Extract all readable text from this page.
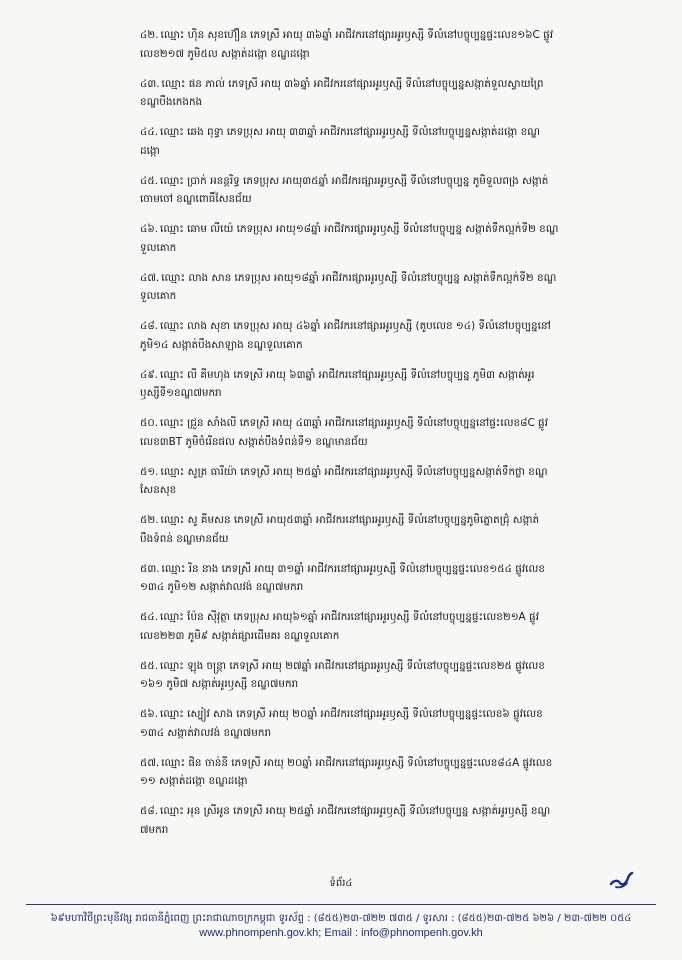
៤២. ឈ្មោះ ហ៊ិន សុខហ៊ឿន ភេទស្រី អាយុ ៣៦ឆ្នាំ អាជីវករនៅផ្សារអូរឫស្សី ទីលំនៅបច្ចុប្បន្នផ្ទះលេខ១៦C ផ្លូវ
លេខ២១៧ ភូមិ៥ល សង្កាត់ដង្កោ ខណ្ឌដង្កោ
៤៣. ឈ្មោះ ផន ភាល់ ភេទស្រី អាយុ ៣៦ឆ្នាំ អាជីវករនៅផ្សារអូរឫស្សី ទីលំនៅបច្ចុប្បន្នសង្កាត់ទួលស្វាយព្រៃ
ខណ្ឌបឹងកេងកង
៤៤. ឈ្មោះ ឆេង ពុទ្ធា ភេទប្រុស អាយុ ៣៣ឆ្នាំ អាជីវករនៅផ្សារអូរឫស្សី ទីលំនៅបច្ចុប្បន្នសង្កាត់ដង្កោ ខណ្ឌ
ដង្កោ
៤៥. ឈ្មោះ ប្រាក់ អនន្តរិទ្ធ ភេទប្រុស អាយុ៣៥ឆ្នាំ អាជីវករផ្សារអូរឫស្សី ទីលំនៅបច្ចុប្បន្ន ភូមិទួលពង្រ សង្កាត់
ចោមចៅ ខណ្ឌពោធិ៍សែនជ័យ
៤៦. ឈ្មោះ ឆោម លីយ៉េ ភេទប្រុស អាយុ១៨ឆ្នាំ អាជីវករផ្សារអូរឫស្សី ទីលំនៅបច្ចុប្បន្ន សង្កាត់ទឹកល្អក់ទី២ ខណ្ឌ
ទួលគោក
៤៧. ឈ្មោះ លាង សាន ភេទប្រុស អាយុ១៨ឆ្នាំ អាជីវករផ្សារអូរឫស្សី ទីលំនៅបច្ចុប្បន្ន សង្កាត់ទឹកល្អក់ទី២ ខណ្ឌ
ទួលគោក
៤៨. ឈ្មោះ លាង សុខា ភេទប្រុស អាយុ ៤៦ឆ្នាំ អាជីវករនៅផ្សារអូរឫស្សី (តូបលេខ ១៤) ទីលំនៅបច្ចុប្បន្ននៅ
ភូមិ១៤ សង្កាត់បឹងសាឡាង ខណ្ឌទួលគោក
៤៩. ឈ្មោះ លី គីមហុង ភេទស្រី អាយុ ៦៣ឆ្នាំ អាជីវករនៅផ្សារអូរឫស្សី ទីលំនៅបច្ចុប្បន្ន ភូមិ៣ សង្កាត់អូរ
ឫស្សីទី១ខណ្ឌ៧មករា
៥០. ឈ្មោះ ជ្រួន សាំងលី ភេទស្រី អាយុ ៤៣ឆ្នាំ អាជីវករនៅផ្សារអូរឫស្សី ទីលំនៅបច្ចុប្បន្ននៅផ្ទះលេខ៨C ផ្លូវ
លេខ៣BT ភូមិចំរើនផល សង្កាត់បឹងទំពន់ទី១ ខណ្ឌមានជ័យ
៥១. ឈ្មោះ សូត្រ ធារីយ៉ា ភេទស្រី អាយុ ២៥ឆ្នាំ អាជីវករនៅផ្សារអូរឫស្សី ទីលំនៅបច្ចុប្បន្នសង្កាត់ទឹកថ្លា ខណ្ឌ
សែនសុខ
៥២. ឈ្មោះ សូ គីមសន ភេទស្រី អាយុ៥៣ឆ្នាំ អាជីវករនៅផ្សារអូរឫស្សី ទីលំនៅបច្ចុប្បន្នភូមិត្នោតជ្រុំ សង្កាត់
បឹងទំពន់ ខណ្ឌមានជ័យ
៥៣. ឈ្មោះ រិន នាង ភេទស្រី អាយុ ៣១ឆ្នាំ អាជីវករនៅផ្សារអូរឫស្សី ទីលំនៅបច្ចុប្បន្នផ្ទះលេខ១៥៤ ផ្លូវលេខ
១៣៤ ភូមិ១២ សង្កាត់វាលវង់ ខណ្ឌ៧មករា
៥៤. ឈ្មោះ ប៉ែន ស៊ីវុត្ថា ភេទប្រុស អាយុ៦១ឆ្នាំ អាជីវករនៅផ្សារអូរឫស្សី ទីលំនៅបច្ចុប្បន្នផ្ទះលេខ២១A ផ្លូវ
លេខ២២៣ ភូមិ៩ សង្កាត់ផ្សារដើមគរ ខណ្ឌទួលគោក
៥៥. ឈ្មោះ ឡុង ចន្ត្រា ភេទស្រី អាយុ ២៧ឆ្នាំ អាជីវករនៅផ្សារអូរឫស្សី ទីលំនៅបច្ចុប្បន្នផ្ទះលេខ២៥ ផ្លូវលេខ
១៦១ ភូមិ៧ សង្កាត់អូរឫស្សី ខណ្ឌ៧មករា
៥៦. ឈ្មោះ ស្បៀវ សាង ភេទស្រី អាយុ ២០ឆ្នាំ អាជីវករនៅផ្សារអូរឫស្សី ទីលំនៅបច្ចុប្បន្នផ្ទះលេខ៦ ផ្លូវលេខ
១៣៤ សង្កាត់វាលវង់ ខណ្ឌ៧មករា
៥៧. ឈ្មោះ ផិន ចាន់នី ភេទស្រី អាយុ ២០ឆ្នាំ អាជីវករនៅផ្សារអូរឫស្សី ទីលំនៅបច្ចុប្បន្នផ្ទះលេខ៨៤A ផ្លូវលេខ
១១ សង្កាត់ដង្កោ ខណ្ឌដង្កោ
៥៨. ឈ្មោះ អុន ស្រីអូន ភេទស្រី អាយុ ២៥ឆ្នាំ អាជីវករនៅផ្សារអូរឫស្សី ទីលំនៅបច្ចុប្បន្ន សង្កាត់អូរឫស្សី ខណ្ឌ
៧មករា
ទំព័រ៤
៦៩មហាវិថីព្រះមុនីវង្ស រាជធានីភ្នំពេញ ព្រះរាជាណាចក្រកម្ពុជា ទូរស័ព្ទ : (៨៥៥)២៣-៧២២ ៧៣៥ / ទូរសារ : (៨៥៥)២៣-៧២៥ ៦២៦ / ២៣-៧២២ ០៥៤
www.phnompenh.gov.kh; Email : info@phnompenh.gov.kh
